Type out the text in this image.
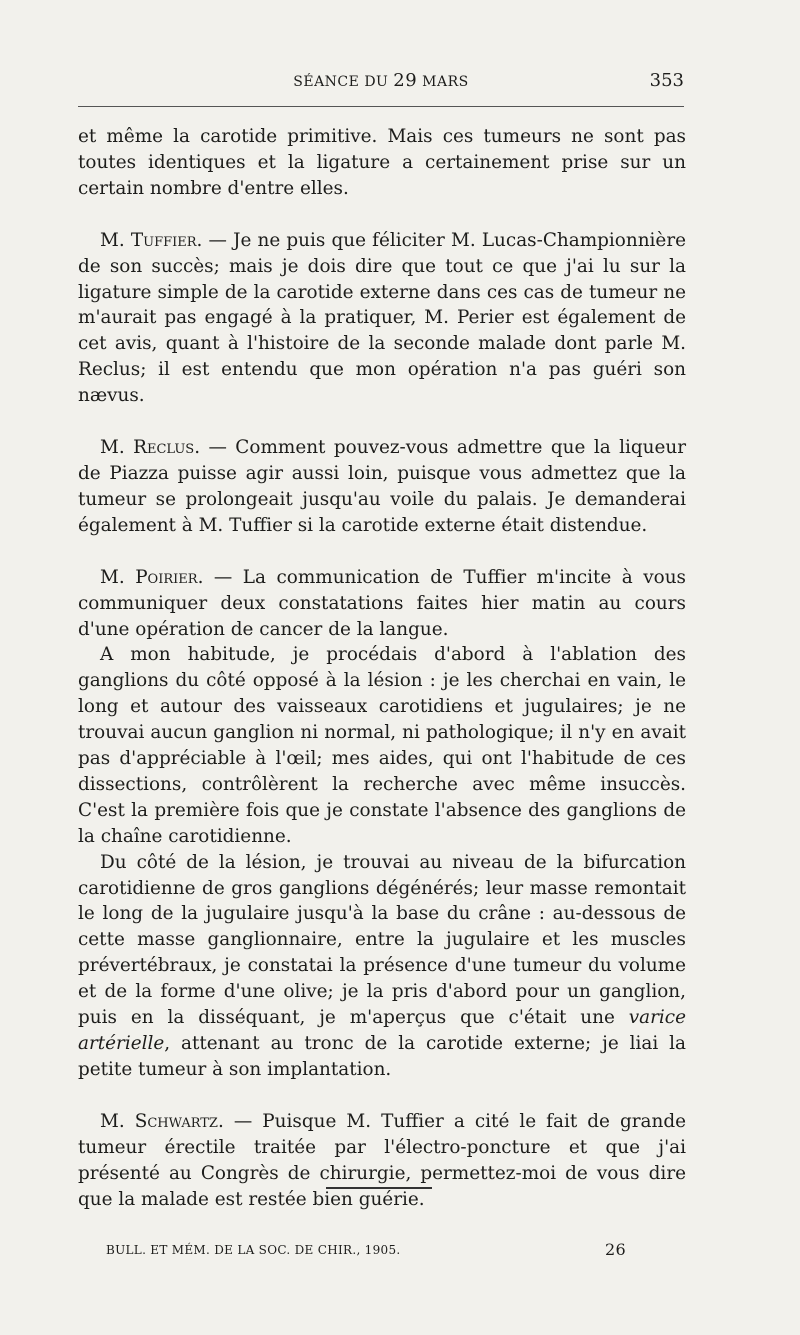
SÉANCE DU 29 MARS	353

et même la carotide primitive. Mais ces tumeurs ne sont pas toutes identiques et la ligature a certainement prise sur un certain nombre d'entre elles.

M. Tuffier. — Je ne puis que féliciter M. Lucas-Championnière de son succès; mais je dois dire que tout ce que j'ai lu sur la ligature simple de la carotide externe dans ces cas de tumeur ne m'aurait pas engagé à la pratiquer, M. Perier est également de cet avis, quant à l'histoire de la seconde malade dont parle M. Reclus; il est entendu que mon opération n'a pas guéri son nævus.

M. Reclus. — Comment pouvez-vous admettre que la liqueur de Piazza puisse agir aussi loin, puisque vous admettez que la tumeur se prolongeait jusqu'au voile du palais. Je demanderai également à M. Tuffier si la carotide externe était distendue.

M. Poirier. — La communication de Tuffier m'incite à vous communiquer deux constatations faites hier matin au cours d'une opération de cancer de la langue.

A mon habitude, je procédais d'abord à l'ablation des ganglions du côté opposé à la lésion : je les cherchai en vain, le long et autour des vaisseaux carotidiens et jugulaires; je ne trouvai aucun ganglion ni normal, ni pathologique; il n'y en avait pas d'appréciable à l'œil; mes aides, qui ont l'habitude de ces dissections, contrôlèrent la recherche avec même insuccès. C'est la première fois que je constate l'absence des ganglions de la chaîne carotidienne.

Du côté de la lésion, je trouvai au niveau de la bifurcation carotidienne de gros ganglions dégénérés; leur masse remontait le long de la jugulaire jusqu'à la base du crâne : au-dessous de cette masse ganglionnaire, entre la jugulaire et les muscles prévertébraux, je constatai la présence d'une tumeur du volume et de la forme d'une olive; je la pris d'abord pour un ganglion, puis en la disséquant, je m'aperçus que c'était une varice artérielle, attenant au tronc de la carotide externe; je liai la petite tumeur à son implantation.

M. Schwartz. — Puisque M. Tuffier a cité le fait de grande tumeur érectile traitée par l'électro-poncture et que j'ai présenté au Congrès de chirurgie, permettez-moi de vous dire que la malade est restée bien guérie.

BULL. ET MÉM. DE LA SOC. DE CHIR., 1905.	26
